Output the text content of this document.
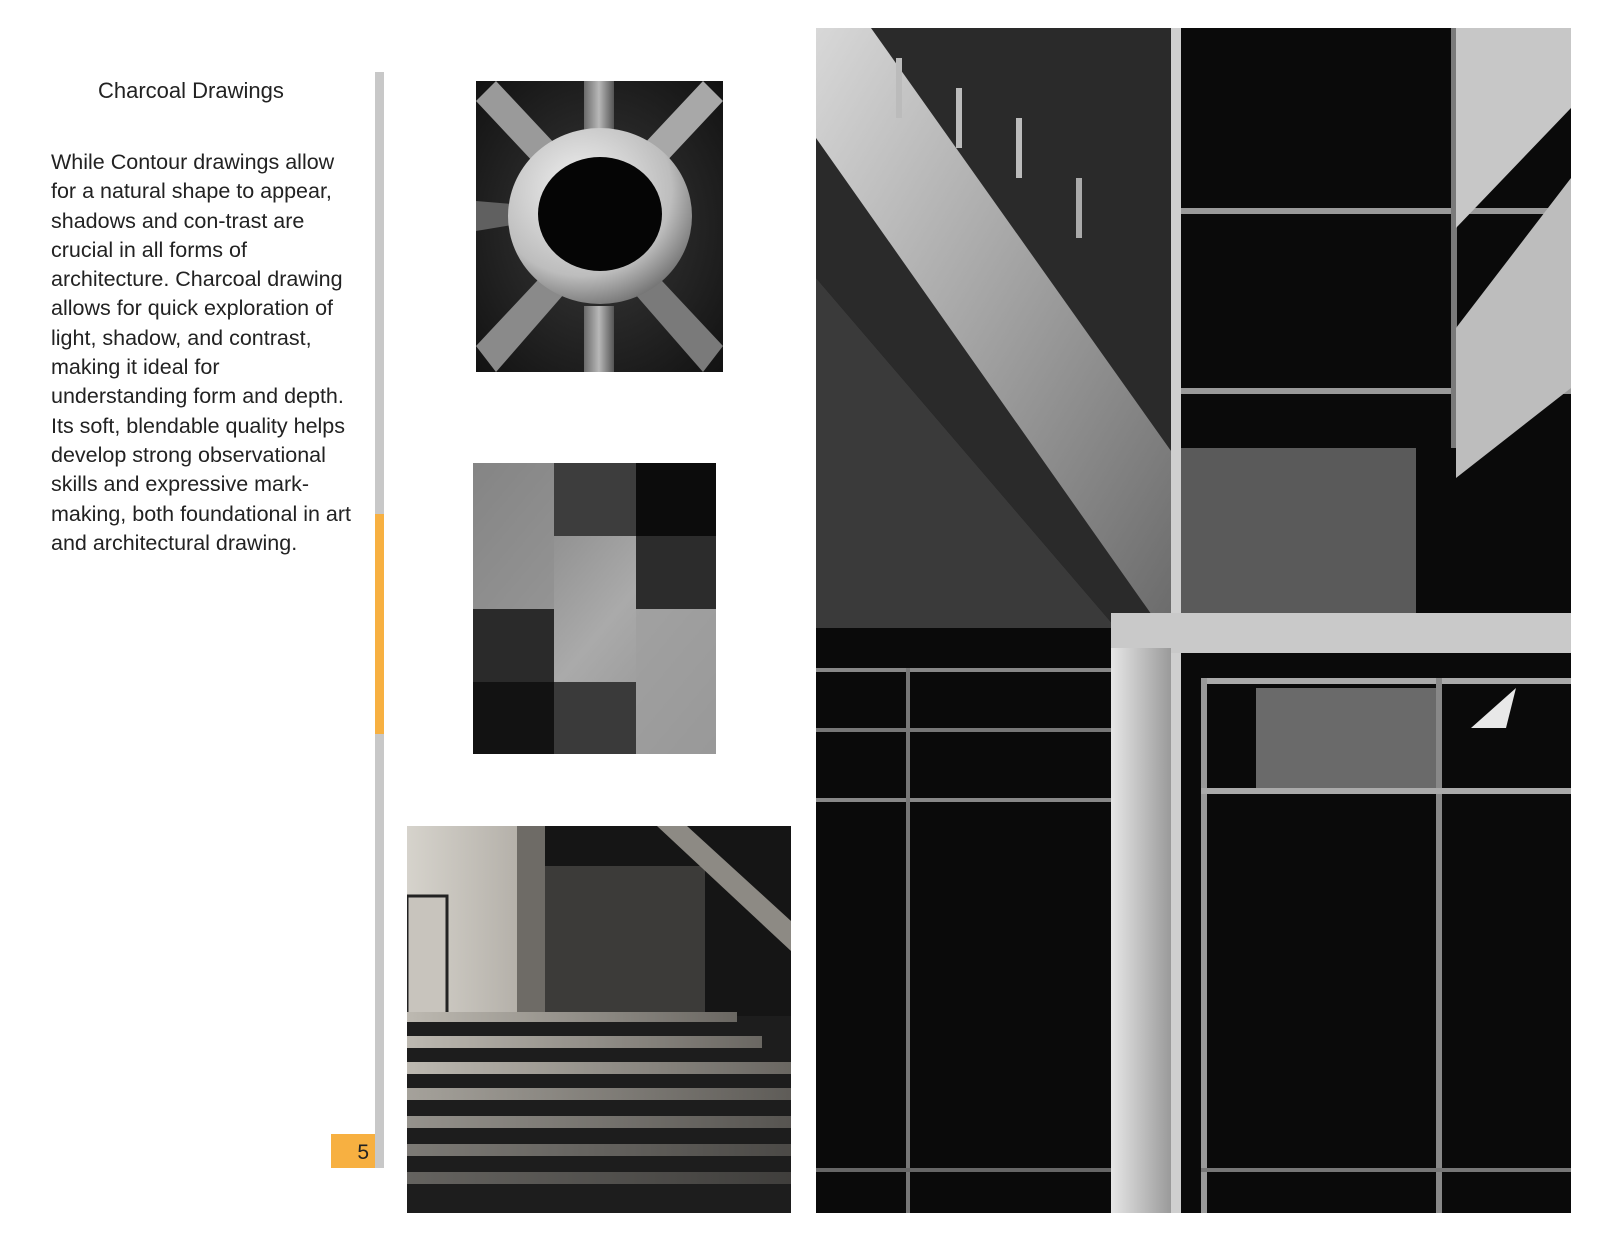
Charcoal Drawings

While Contour drawings allow for a natural shape to appear, shadows and con-trast are crucial in all forms of architecture. Charcoal drawing allows for quick exploration of light, shadow, and contrast, making it ideal for understanding form and depth. Its soft, blendable quality helps develop strong observational skills and expressive mark-making, both foundational in art and architectural drawing.

5
